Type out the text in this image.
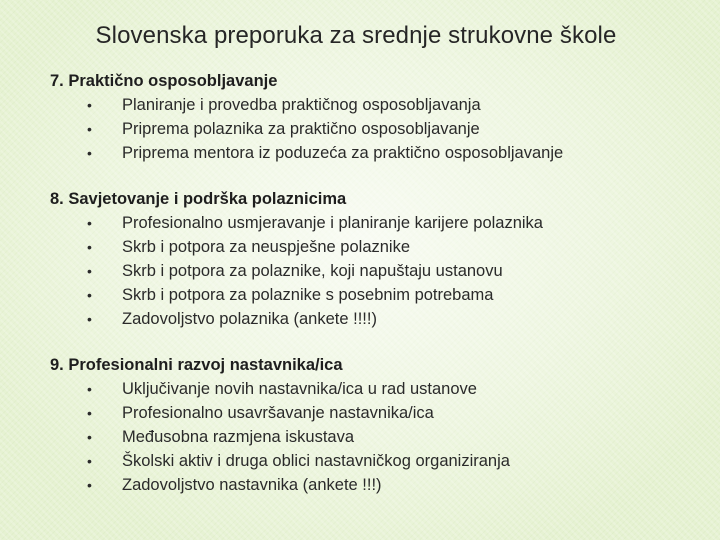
Slovenska preporuka za srednje strukovne škole
7. Praktično osposobljavanje
• Planiranje i provedba praktičnog osposobljavanja
• Priprema polaznika za praktično osposobljavanje
• Priprema mentora iz poduzeća za praktično osposobljavanje
8. Savjetovanje i podrška polaznicima
• Profesionalno usmjeravanje i planiranje karijere polaznika
• Skrb i potpora za neuspješne polaznike
• Skrb i potpora za polaznike, koji napuštaju ustanovu
• Skrb i potpora za polaznike s posebnim potrebama
• Zadovoljstvo polaznika (ankete !!!!)
9. Profesionalni razvoj nastavnika/ica
• Uključivanje novih nastavnika/ica u rad ustanove
• Profesionalno usavršavanje nastavnika/ica
• Međusobna razmjena iskustava
• Školski aktiv i druga oblici nastavničkog organiziranja
• Zadovoljstvo nastavnika (ankete !!!)
